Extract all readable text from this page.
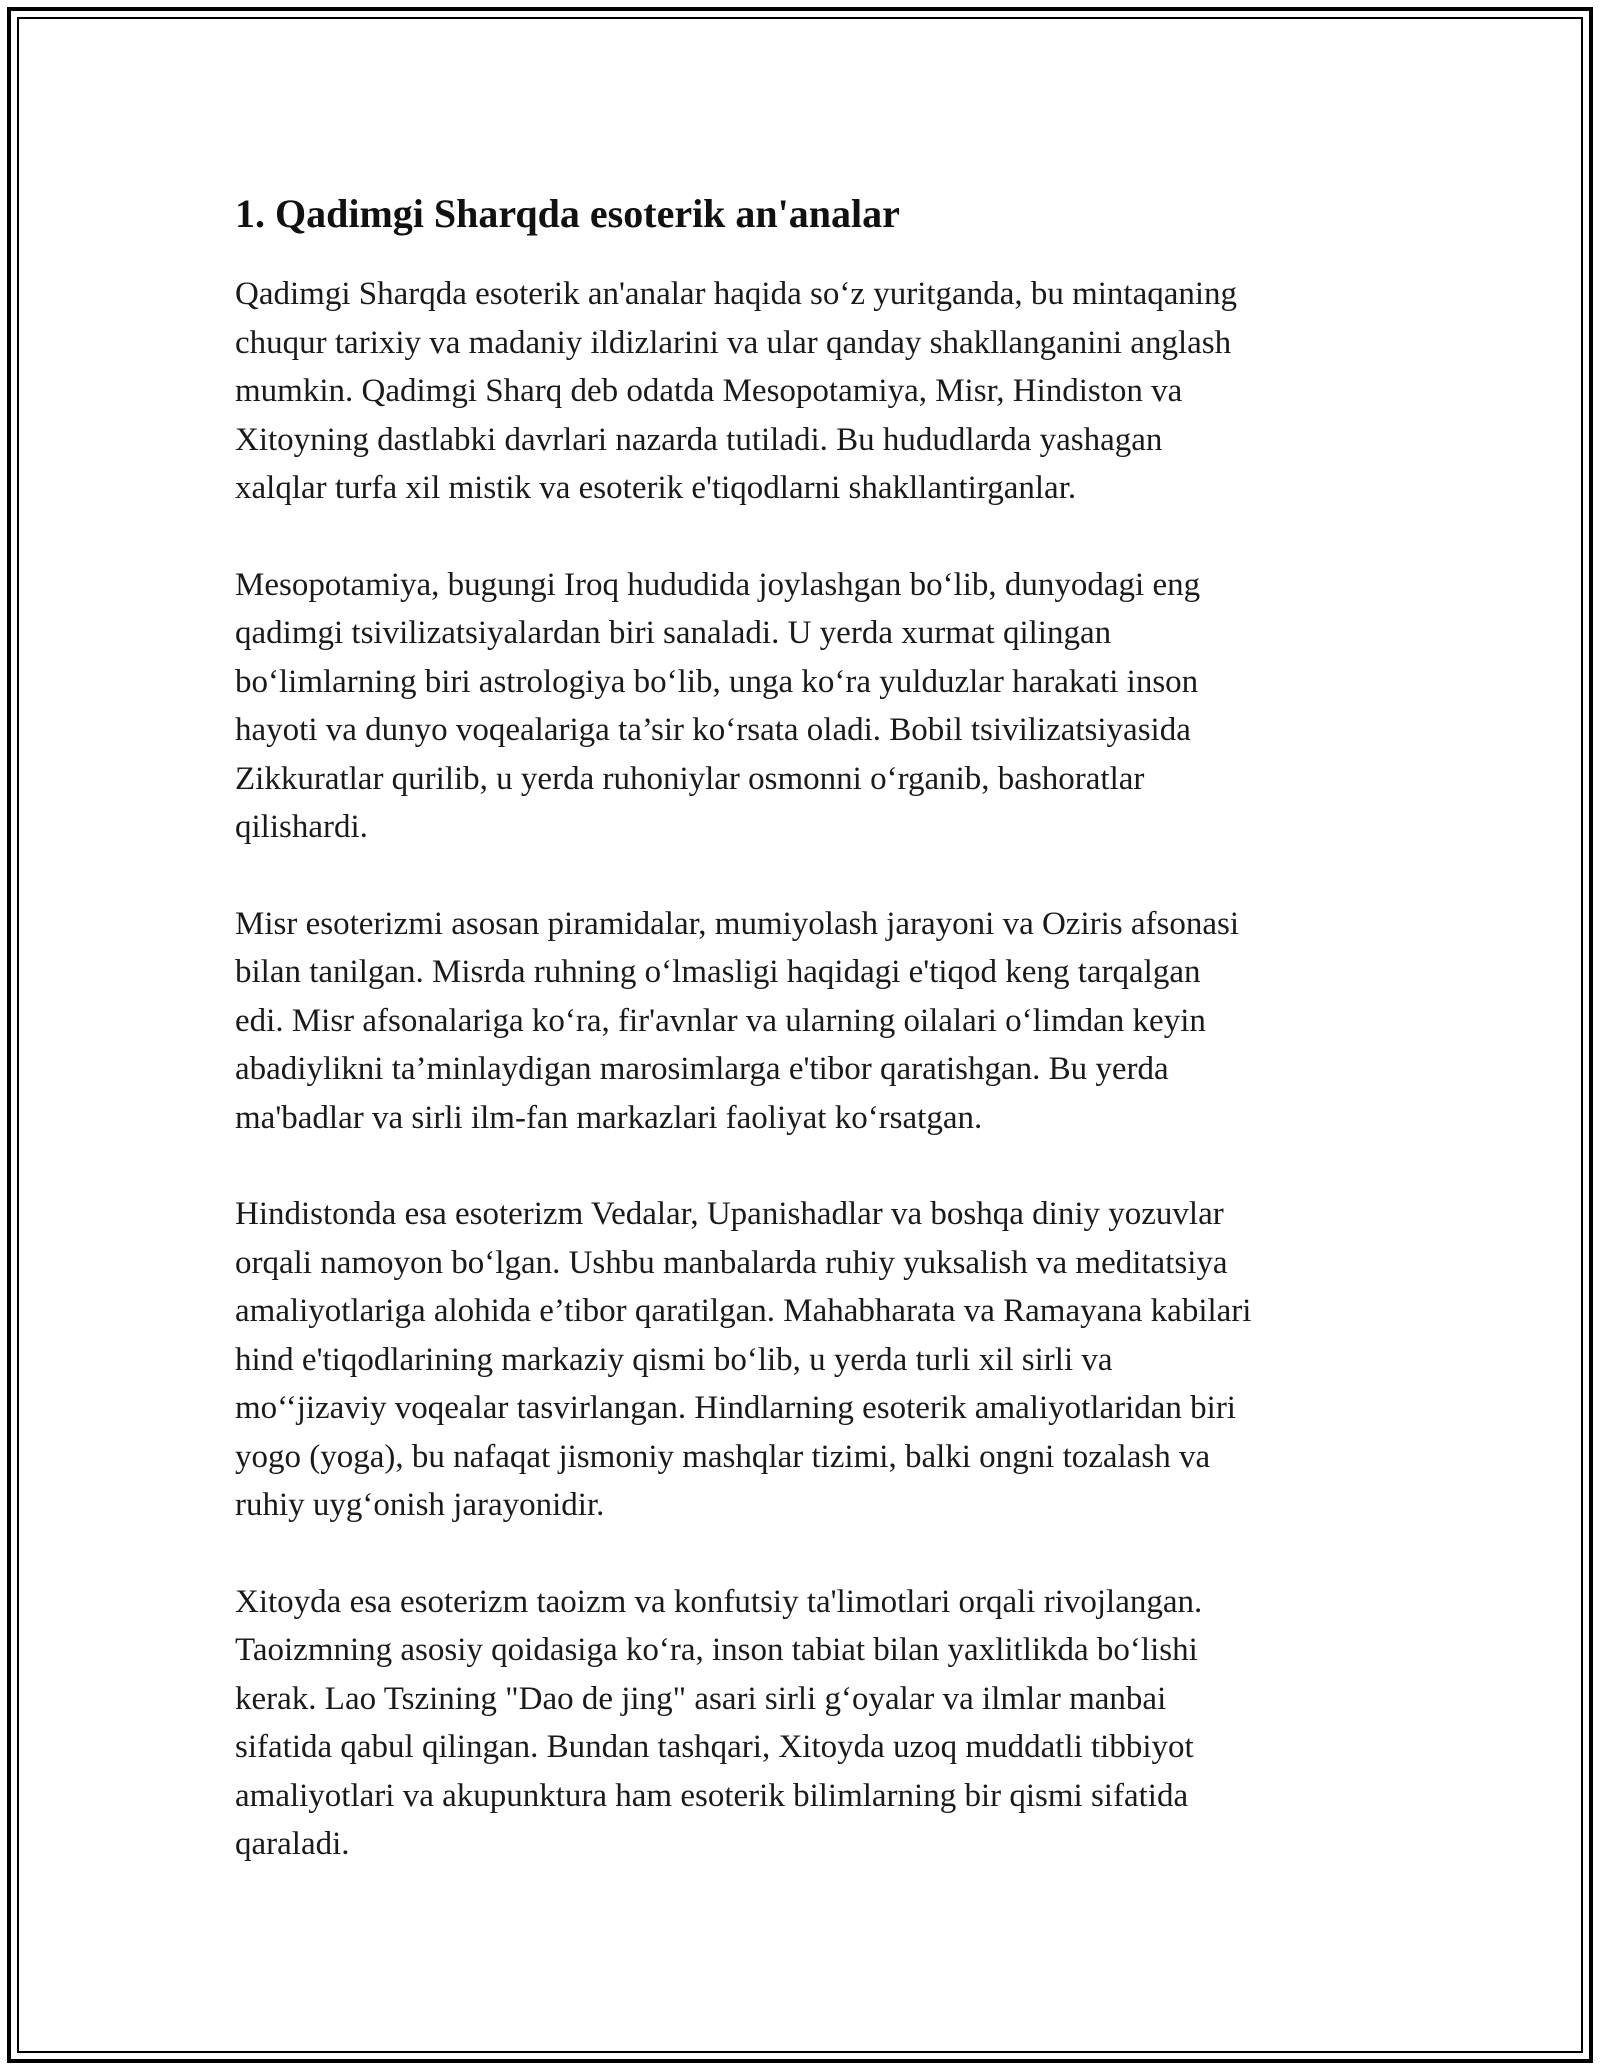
1. Qadimgi Sharqda esoterik an'analar

Qadimgi Sharqda esoterik an'analar haqida so‘z yuritganda, bu mintaqaning
chuqur tarixiy va madaniy ildizlarini va ular qanday shakllanganini anglash
mumkin. Qadimgi Sharq deb odatda Mesopotamiya, Misr, Hindiston va
Xitoyning dastlabki davrlari nazarda tutiladi. Bu hududlarda yashagan
xalqlar turfa xil mistik va esoterik e'tiqodlarni shakllantirganlar.

Mesopotamiya, bugungi Iroq hududida joylashgan bo‘lib, dunyodagi eng
qadimgi tsivilizatsiyalardan biri sanaladi. U yerda xurmat qilingan
bo‘limlarning biri astrologiya bo‘lib, unga ko‘ra yulduzlar harakati inson
hayoti va dunyo voqealariga ta’sir ko‘rsata oladi. Bobil tsivilizatsiyasida
Zikkuratlar qurilib, u yerda ruhoniylar osmonni o‘rganib, bashoratlar
qilishardi.

Misr esoterizmi asosan piramidalar, mumiyolash jarayoni va Oziris afsonasi
bilan tanilgan. Misrda ruhning o‘lmasligi haqidagi e'tiqod keng tarqalgan
edi. Misr afsonalariga ko‘ra, fir'avnlar va ularning oilalari o‘limdan keyin
abadiylikni ta’minlaydigan marosimlarga e'tibor qaratishgan. Bu yerda
ma'badlar va sirli ilm-fan markazlari faoliyat ko‘rsatgan.

Hindistonda esa esoterizm Vedalar, Upanishadlar va boshqa diniy yozuvlar
orqali namoyon bo‘lgan. Ushbu manbalarda ruhiy yuksalish va meditatsiya
amaliyotlariga alohida e’tibor qaratilgan. Mahabharata va Ramayana kabilari
hind e'tiqodlarining markaziy qismi bo‘lib, u yerda turli xil sirli va
mo‘‘jizaviy voqealar tasvirlangan. Hindlarning esoterik amaliyotlaridan biri
yogo (yoga), bu nafaqat jismoniy mashqlar tizimi, balki ongni tozalash va
ruhiy uyg‘onish jarayonidir.

Xitoyda esa esoterizm taoizm va konfutsiy ta'limotlari orqali rivojlangan.
Taoizmning asosiy qoidasiga ko‘ra, inson tabiat bilan yaxlitlikda bo‘lishi
kerak. Lao Tszining "Dao de jing" asari sirli g‘oyalar va ilmlar manbai
sifatida qabul qilingan. Bundan tashqari, Xitoyda uzoq muddatli tibbiyot
amaliyotlari va akupunktura ham esoterik bilimlarning bir qismi sifatida
qaraladi.
